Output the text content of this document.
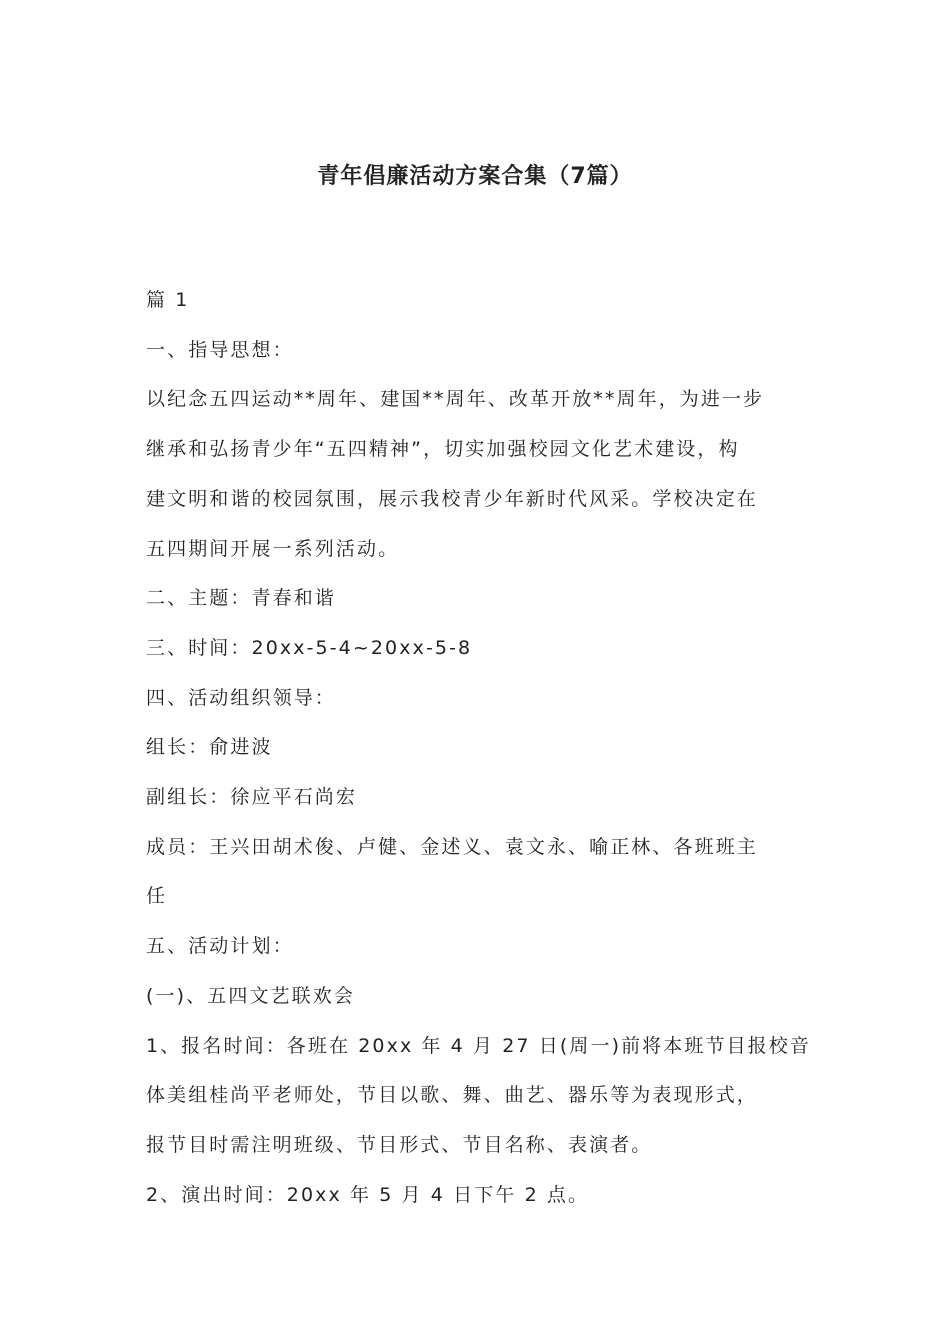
青年倡廉活动方案合集（7篇）

篇 1

一、指导思想：

以纪念五四运动**周年、建国**周年、改革开放**周年，为进一步

继承和弘扬青少年“五四精神”，切实加强校园文化艺术建设，构

建文明和谐的校园氛围，展示我校青少年新时代风采。学校决定在

五四期间开展一系列活动。

二、主题：青春和谐

三、时间：20xx-5-4~20xx-5-8

四、活动组织领导：

组长：俞进波

副组长：徐应平石尚宏

成员：王兴田胡术俊、卢健、金述义、袁文永、喻正林、各班班主

任

五、活动计划：

(一)、五四文艺联欢会

1、报名时间：各班在 20xx 年 4 月 27 日(周一)前将本班节目报校音

体美组桂尚平老师处，节目以歌、舞、曲艺、器乐等为表现形式，

报节目时需注明班级、节目形式、节目名称、表演者。

2、演出时间：20xx 年 5 月 4 日下午 2 点。
